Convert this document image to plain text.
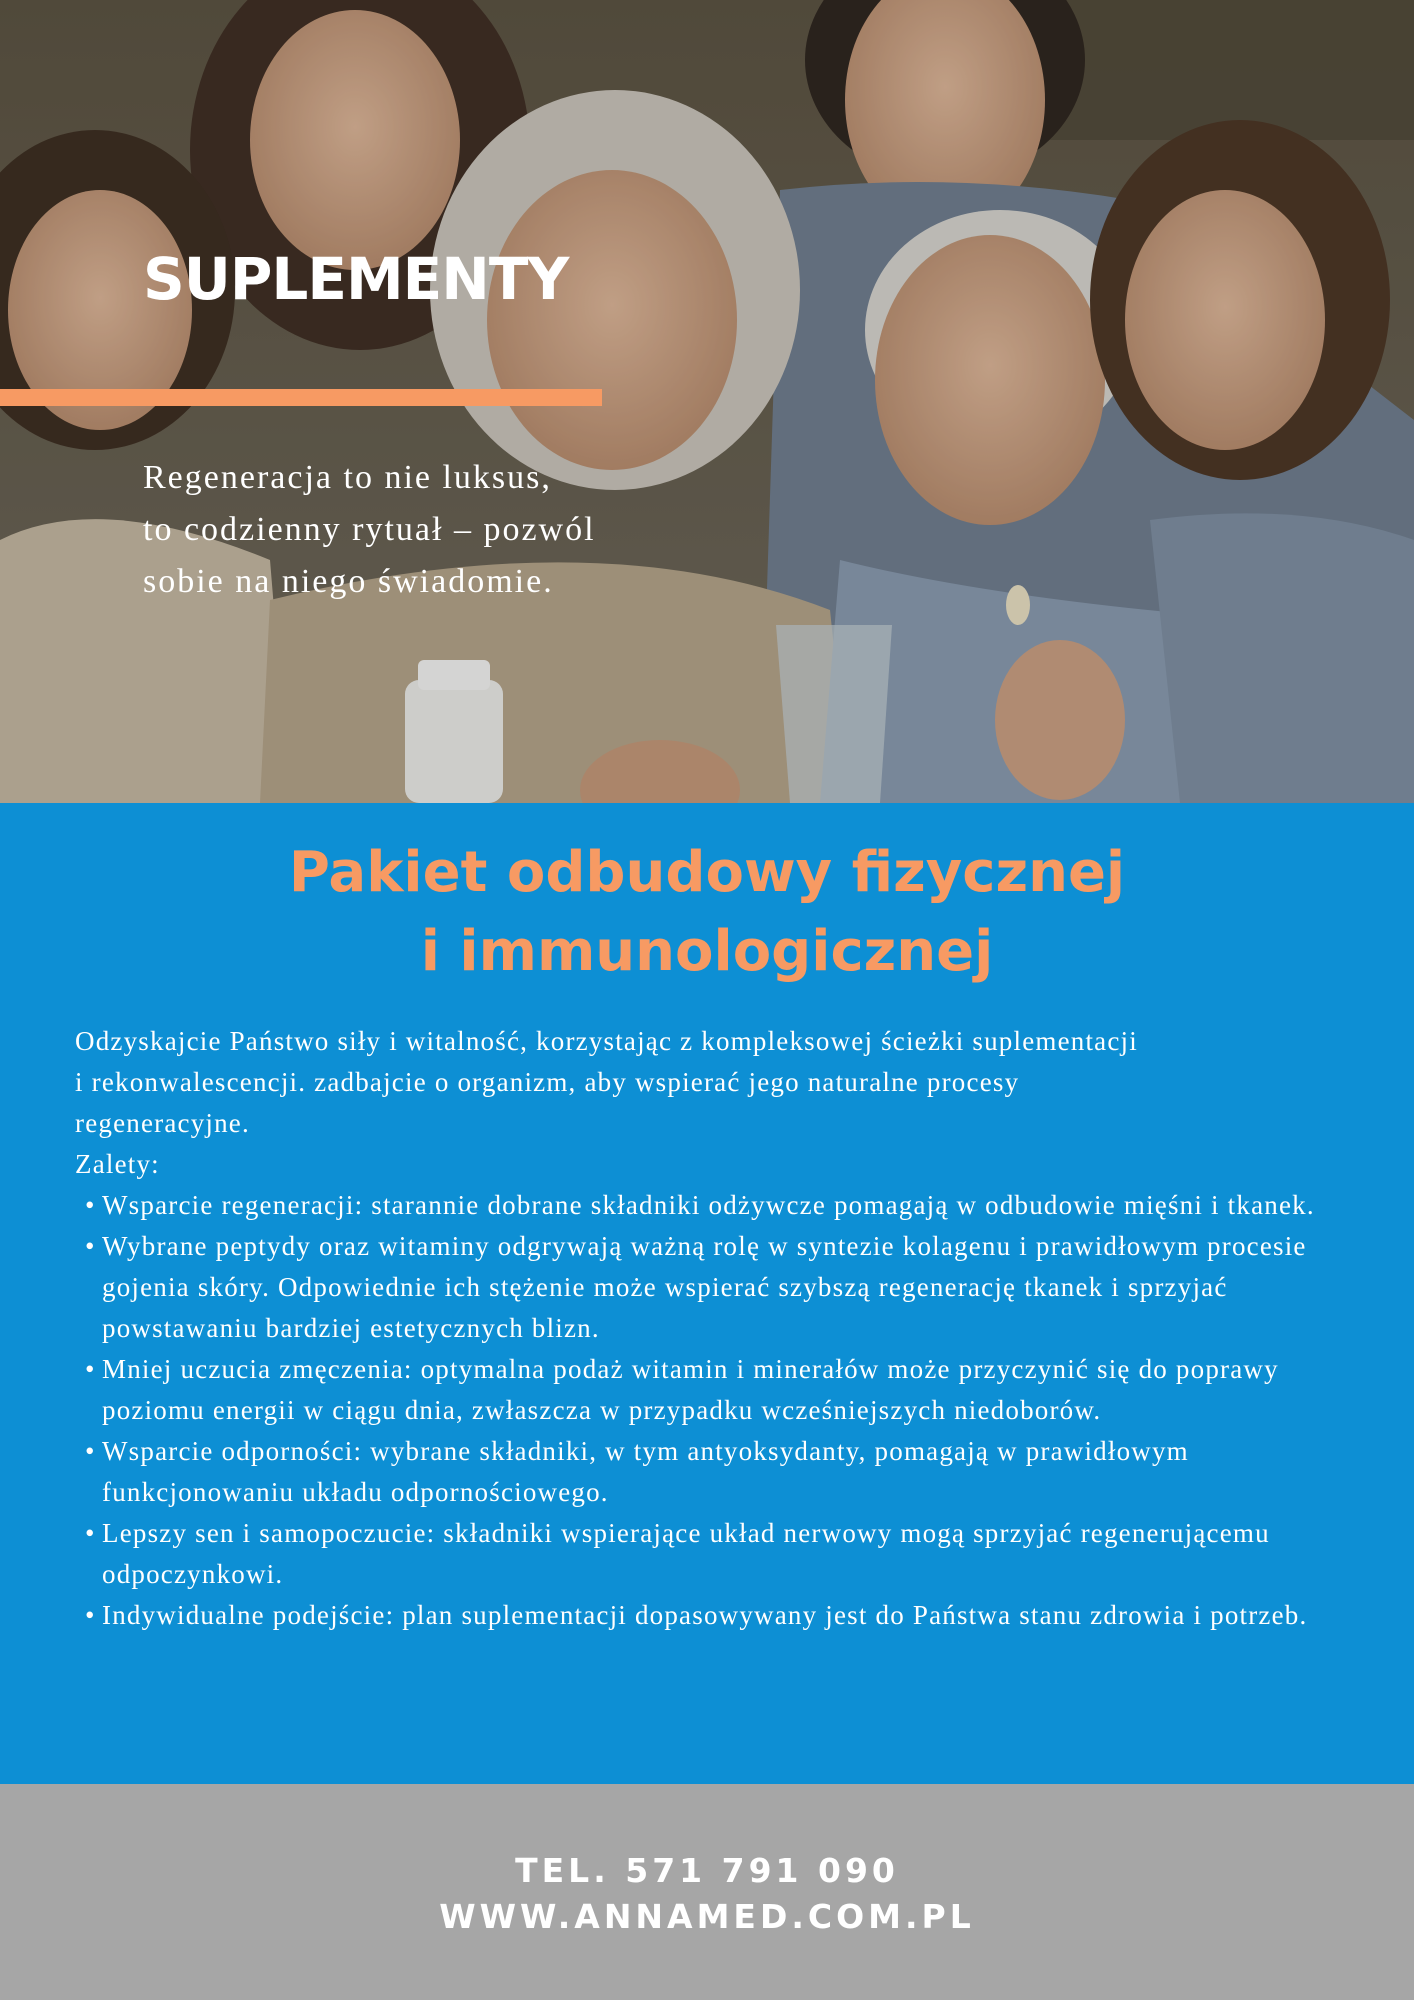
SUPLEMENTY

Regeneracja to nie luksus,
to codzienny rytuał – pozwól
sobie na niego świadomie.

Pakiet odbudowy fizycznej
i immunologicznej

Odzyskajcie Państwo siły i witalność, korzystając z kompleksowej ścieżki suplementacji
i rekonwalescencji. zadbajcie o organizm, aby wspierać jego naturalne procesy
regeneracyjne.

Zalety:

• Wsparcie regeneracji: starannie dobrane składniki odżywcze pomagają w odbudowie mięśni i tkanek.
• Wybrane peptydy oraz witaminy odgrywają ważną rolę w syntezie kolagenu i prawidłowym procesie gojenia skóry. Odpowiednie ich stężenie może wspierać szybszą regenerację tkanek i sprzyjać powstawaniu bardziej estetycznych blizn.
• Mniej uczucia zmęczenia: optymalna podaż witamin i minerałów może przyczynić się do poprawy poziomu energii w ciągu dnia, zwłaszcza w przypadku wcześniejszych niedoborów.
• Wsparcie odporności: wybrane składniki, w tym antyoksydanty, pomagają w prawidłowym funkcjonowaniu układu odpornościowego.
• Lepszy sen i samopoczucie: składniki wspierające układ nerwowy mogą sprzyjać regenerującemu odpoczynkowi.
• Indywidualne podejście: plan suplementacji dopasowywany jest do Państwa stanu zdrowia i potrzeb.

TEL. 571 791 090

WWW.ANNAMED.COM.PL
